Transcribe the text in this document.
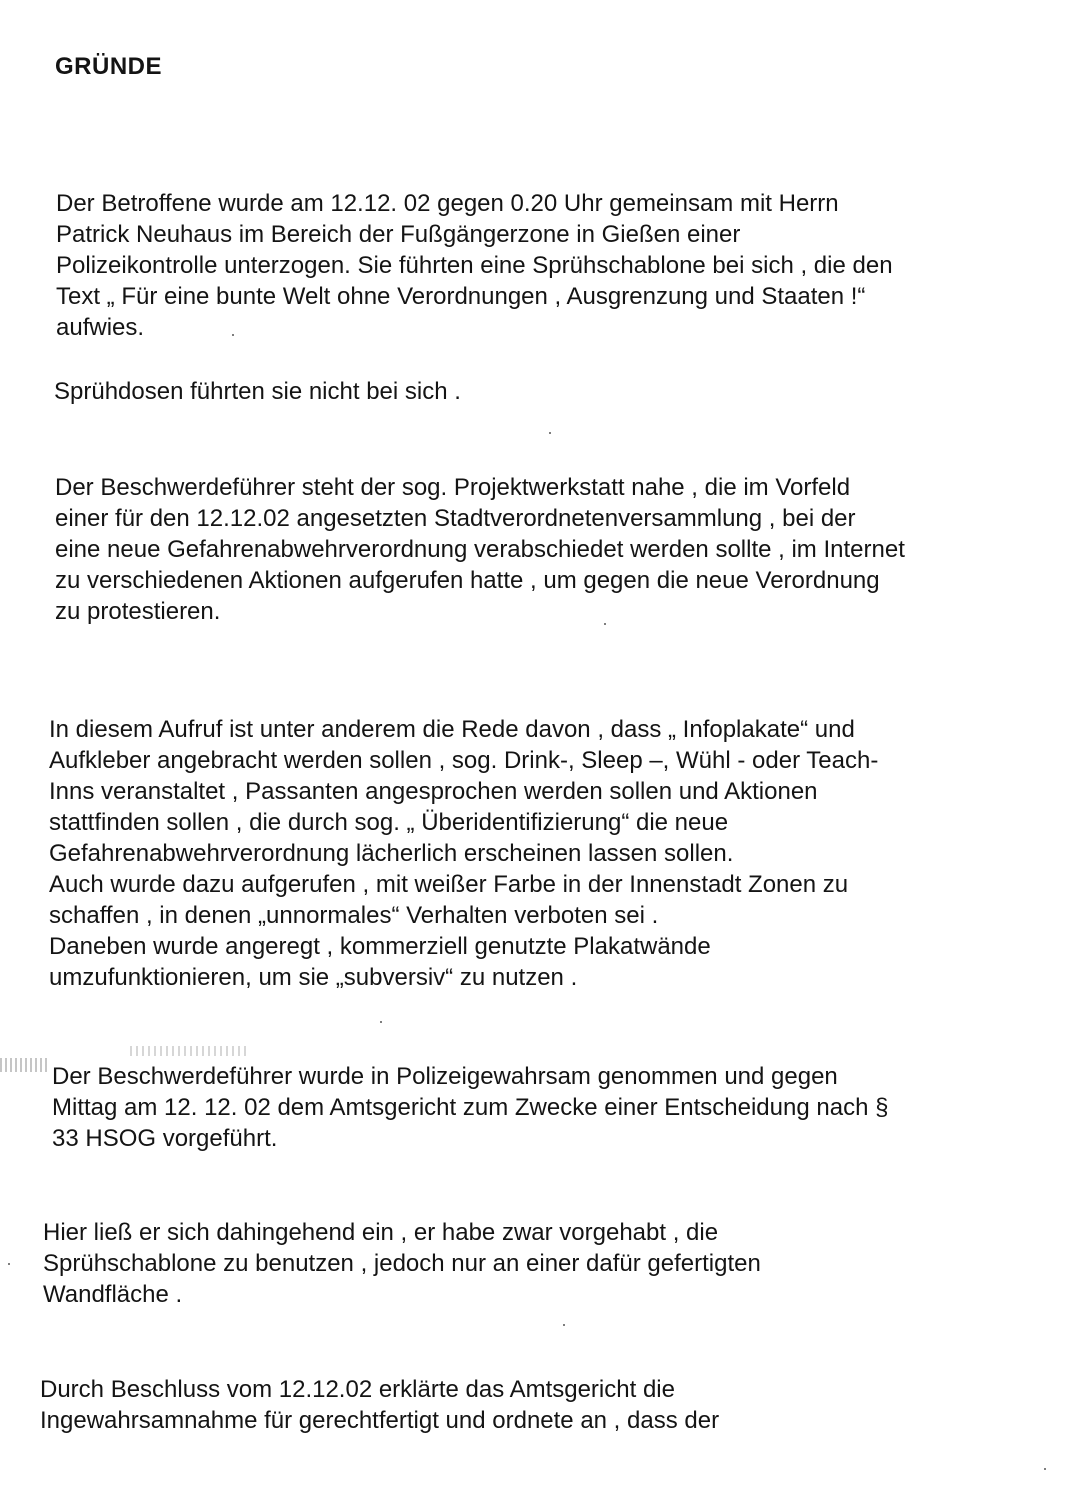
GRÜNDE
Der Betroffene wurde am 12.12. 02 gegen 0.20 Uhr gemeinsam mit Herrn
Patrick Neuhaus im Bereich der Fußgängerzone in Gießen einer
Polizeikontrolle unterzogen. Sie führten eine Sprühschablone bei sich , die den
Text „ Für eine bunte Welt ohne Verordnungen , Ausgrenzung und Staaten !“
aufwies.
Sprühdosen führten sie nicht bei sich .
Der Beschwerdeführer steht der sog. Projektwerkstatt nahe , die im Vorfeld
einer für den 12.12.02 angesetzten Stadtverordnetenversammlung , bei der
eine neue Gefahrenabwehrverordnung verabschiedet werden sollte , im Internet
zu verschiedenen Aktionen aufgerufen hatte , um gegen die neue Verordnung
zu protestieren.
In diesem Aufruf ist unter anderem die Rede davon , dass „ Infoplakate“ und
Aufkleber angebracht werden sollen , sog. Drink-, Sleep –, Wühl - oder Teach-
Inns veranstaltet , Passanten angesprochen werden sollen und Aktionen
stattfinden sollen , die durch sog. „ Überidentifizierung“ die neue
Gefahrenabwehrverordnung lächerlich erscheinen lassen sollen.
Auch wurde dazu aufgerufen , mit weißer Farbe in der Innenstadt Zonen zu
schaffen , in denen „unnormales“ Verhalten verboten sei .
Daneben wurde angeregt , kommerziell genutzte Plakatwände
umzufunktionieren, um sie „subversiv“ zu nutzen .
Der Beschwerdeführer wurde in Polizeigewahrsam genommen und gegen
Mittag am 12. 12. 02 dem Amtsgericht zum Zwecke einer Entscheidung nach §
33 HSOG vorgeführt.
Hier ließ er sich dahingehend ein , er habe zwar vorgehabt , die
Sprühschablone zu benutzen , jedoch nur an einer dafür gefertigten
Wandfläche .
Durch Beschluss vom 12.12.02 erklärte das Amtsgericht die
Ingewahrsamnahme für gerechtfertigt und ordnete an , dass der
